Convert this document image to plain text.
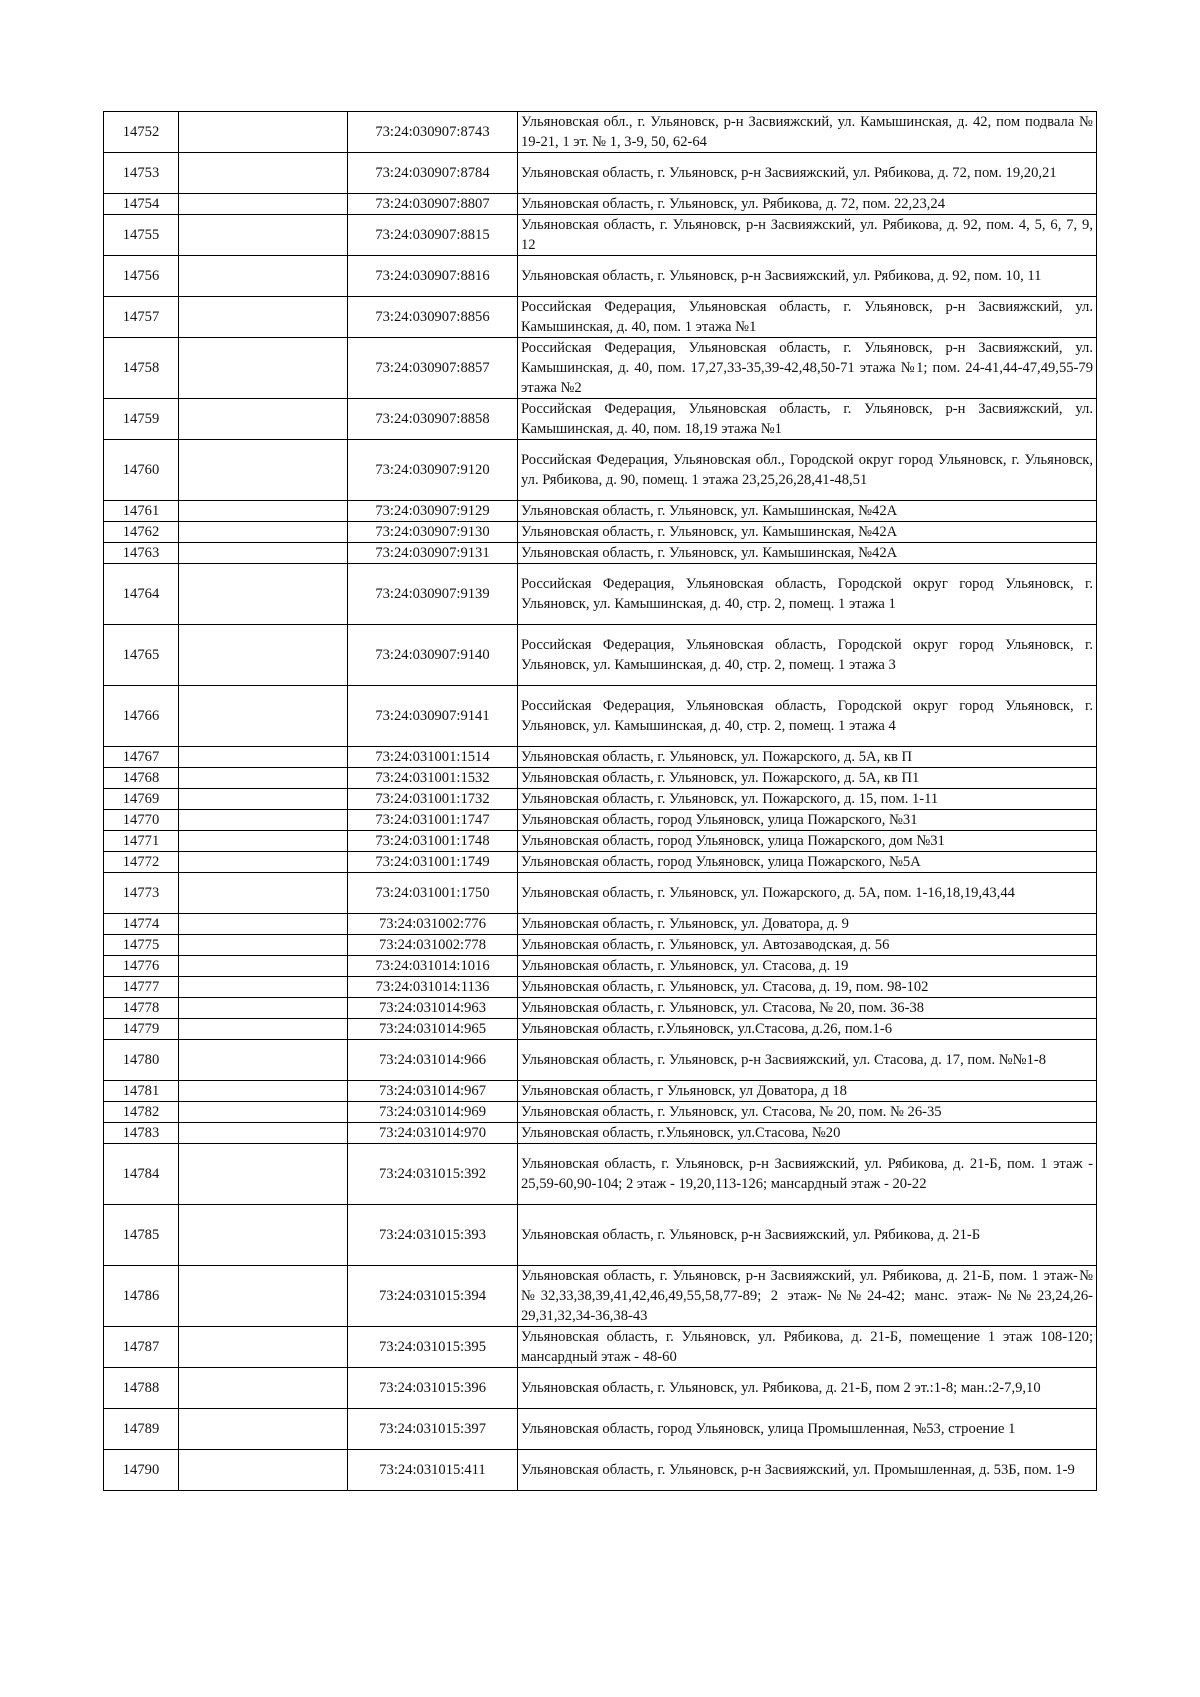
14752		73:24:030907:8743	Ульяновская обл., г. Ульяновск, р-н Засвияжский, ул. Камышинская, д. 42, пом подвала № 19-21, 1 эт. № 1, 3-9, 50, 62-64
14753		73:24:030907:8784	Ульяновская область, г. Ульяновск, р-н Засвияжский, ул. Рябикова, д. 72, пом. 19,20,21
14754		73:24:030907:8807	Ульяновская область, г. Ульяновск, ул. Рябикова, д. 72, пом. 22,23,24
14755		73:24:030907:8815	Ульяновская область, г. Ульяновск, р-н Засвияжский, ул. Рябикова, д. 92, пом. 4, 5, 6, 7, 9, 12
14756		73:24:030907:8816	Ульяновская область, г. Ульяновск, р-н Засвияжский, ул. Рябикова, д. 92, пом. 10, 11
14757		73:24:030907:8856	Российская Федерация, Ульяновская область, г. Ульяновск, р-н Засвияжский, ул. Камышинская, д. 40, пом. 1 этажа №1
14758		73:24:030907:8857	Российская Федерация, Ульяновская область, г. Ульяновск, р-н Засвияжский, ул. Камышинская, д. 40, пом. 17,27,33-35,39-42,48,50-71 этажа №1; пом. 24-41,44-47,49,55-79 этажа №2
14759		73:24:030907:8858	Российская Федерация, Ульяновская область, г. Ульяновск, р-н Засвияжский, ул. Камышинская, д. 40, пом. 18,19 этажа №1
14760		73:24:030907:9120	Российская Федерация, Ульяновская обл., Городской округ город Ульяновск, г. Ульяновск, ул. Рябикова, д. 90, помещ. 1 этажа 23,25,26,28,41-48,51
14761		73:24:030907:9129	Ульяновская область, г. Ульяновск, ул. Камышинская, №42А
14762		73:24:030907:9130	Ульяновская область, г. Ульяновск, ул. Камышинская, №42А
14763		73:24:030907:9131	Ульяновская область, г. Ульяновск, ул. Камышинская, №42А
14764		73:24:030907:9139	Российская Федерация, Ульяновская область, Городской округ город Ульяновск, г. Ульяновск, ул. Камышинская, д. 40, стр. 2, помещ. 1 этажа 1
14765		73:24:030907:9140	Российская Федерация, Ульяновская область, Городской округ город Ульяновск, г. Ульяновск, ул. Камышинская, д. 40, стр. 2, помещ. 1 этажа 3
14766		73:24:030907:9141	Российская Федерация, Ульяновская область, Городской округ город Ульяновск, г. Ульяновск, ул. Камышинская, д. 40, стр. 2, помещ. 1 этажа 4
14767		73:24:031001:1514	Ульяновская область, г. Ульяновск, ул. Пожарского, д. 5А, кв П
14768		73:24:031001:1532	Ульяновская область, г. Ульяновск, ул. Пожарского, д. 5А, кв П1
14769		73:24:031001:1732	Ульяновская область, г. Ульяновск, ул. Пожарского, д. 15, пом. 1-11
14770		73:24:031001:1747	Ульяновская область, город Ульяновск, улица Пожарского, №31
14771		73:24:031001:1748	Ульяновская область, город Ульяновск, улица Пожарского, дом №31
14772		73:24:031001:1749	Ульяновская область, город Ульяновск, улица Пожарского, №5А
14773		73:24:031001:1750	Ульяновская область, г. Ульяновск, ул. Пожарского, д. 5А, пом. 1-16,18,19,43,44
14774		73:24:031002:776	Ульяновская область, г. Ульяновск, ул. Доватора, д. 9
14775		73:24:031002:778	Ульяновская область, г. Ульяновск, ул. Автозаводская, д. 56
14776		73:24:031014:1016	Ульяновская область, г. Ульяновск, ул. Стасова, д. 19
14777		73:24:031014:1136	Ульяновская область, г. Ульяновск, ул. Стасова, д. 19, пом. 98-102
14778		73:24:031014:963	Ульяновская область, г. Ульяновск, ул. Стасова, № 20, пом. 36-38
14779		73:24:031014:965	Ульяновская область, г.Ульяновск, ул.Стасова, д.26, пом.1-6
14780		73:24:031014:966	Ульяновская область, г. Ульяновск, р-н Засвияжский, ул. Стасова, д. 17, пом. №№1-8
14781		73:24:031014:967	Ульяновская область, г Ульяновск, ул Доватора, д 18
14782		73:24:031014:969	Ульяновская область, г. Ульяновск, ул. Стасова, № 20, пом. № 26-35
14783		73:24:031014:970	Ульяновская область, г.Ульяновск, ул.Стасова, №20
14784		73:24:031015:392	Ульяновская область, г. Ульяновск, р-н Засвияжский, ул. Рябикова, д. 21-Б, пом. 1 этаж - 25,59-60,90-104; 2 этаж - 19,20,113-126; мансардный этаж - 20-22
14785		73:24:031015:393	Ульяновская область, г. Ульяновск, р-н Засвияжский, ул. Рябикова, д. 21-Б
14786		73:24:031015:394	Ульяновская область, г. Ульяновск, р-н Засвияжский, ул. Рябикова, д. 21-Б, пом. 1 этаж-№№32,33,38,39,41,42,46,49,55,58,77-89; 2 этаж-№№24-42; манс. этаж-№№23,24,26-29,31,32,34-36,38-43
14787		73:24:031015:395	Ульяновская область, г. Ульяновск, ул. Рябикова, д. 21-Б, помещение 1 этаж 108-120; мансардный этаж - 48-60
14788		73:24:031015:396	Ульяновская область, г. Ульяновск, ул. Рябикова, д. 21-Б, пом 2 эт.:1-8; ман.:2-7,9,10
14789		73:24:031015:397	Ульяновская область, город Ульяновск, улица Промышленная, №53, строение 1
14790		73:24:031015:411	Ульяновская область, г. Ульяновск, р-н Засвияжский, ул. Промышленная, д. 53Б, пом. 1-9
